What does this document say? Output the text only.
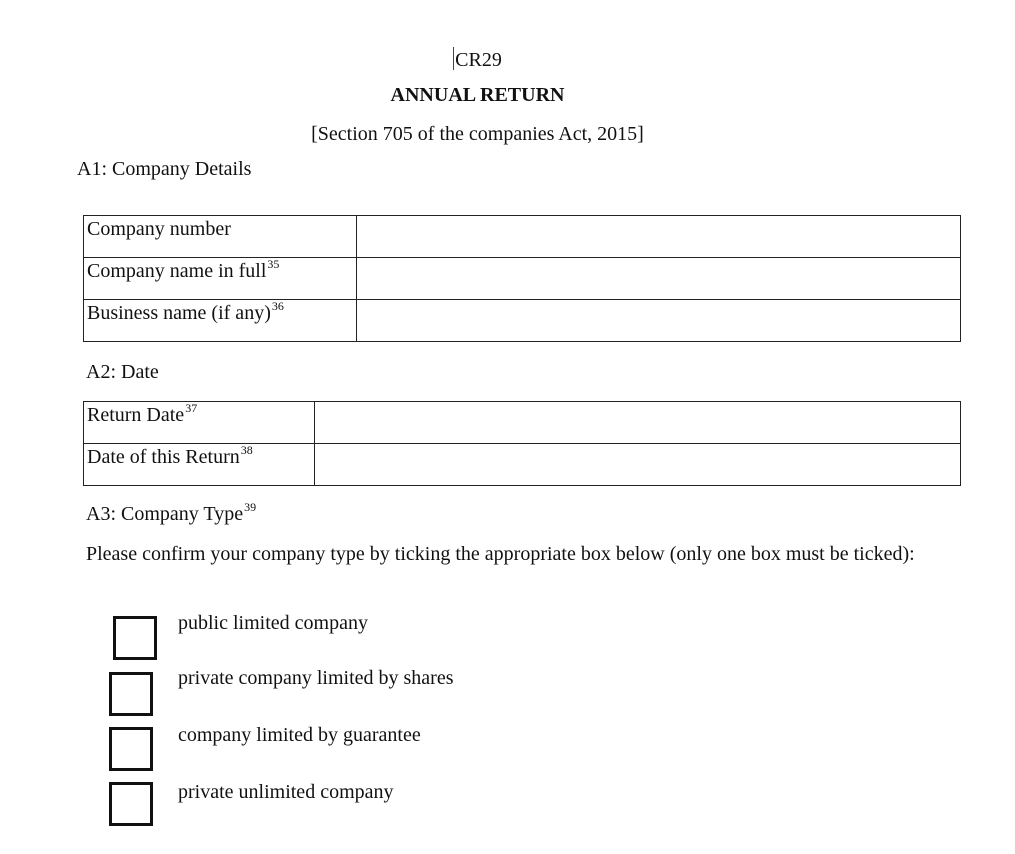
CR29
ANNUAL RETURN
[Section 705 of the companies Act, 2015]
A1: Company Details
Company number	
Company name in full$^{35}$	
Business name (if any)$^{36}$	
A2: Date
Return Date$^{37}$	
Date of this Return$^{38}$	
A3: Company Type$^{39}$
Please confirm your company type by ticking the appropriate box below (only one box must be ticked):
public limited company
private company limited by shares
company limited by guarantee
private unlimited company
